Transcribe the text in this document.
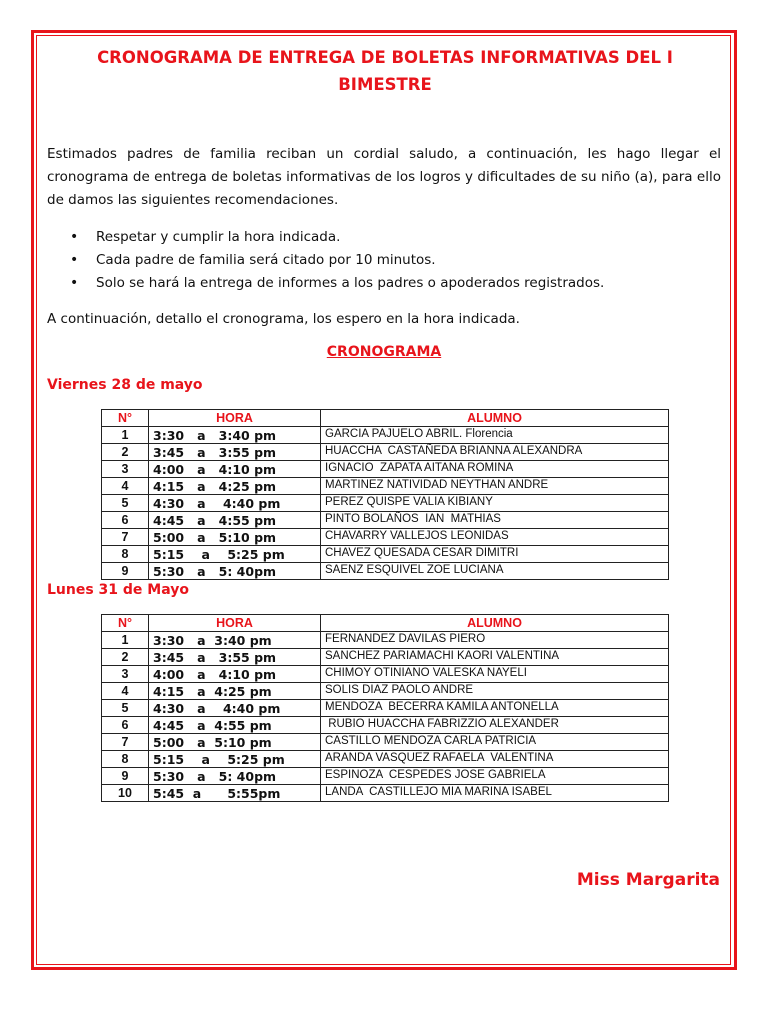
CRONOGRAMA DE ENTREGA DE BOLETAS INFORMATIVAS DEL I BIMESTRE
Estimados padres de familia reciban un cordial saludo, a continuación, les hago llegar el cronograma de entrega de boletas informativas de los logros y dificultades de su niño (a), para ello de damos las siguientes recomendaciones.
• Respetar y cumplir la hora indicada.
• Cada padre de familia será citado por 10 minutos.
• Solo se hará la entrega de informes a los padres o apoderados registrados.
A continuación, detallo el cronograma, los espero en la hora indicada.
CRONOGRAMA
Viernes 28 de mayo
N°	HORA	ALUMNO
1	3:30   a   3:40 pm	GARCIA PAJUELO ABRIL. Florencia
2	3:45   a   3:55 pm	HUACCHA  CASTAÑEDA BRIANNA ALEXANDRA
3	4:00   a   4:10 pm	IGNACIO  ZAPATA AITANA ROMINA
4	4:15   a   4:25 pm	MARTINEZ NATIVIDAD NEYTHAN ANDRE
5	4:30   a    4:40 pm	PEREZ QUISPE VALIA KIBIANY
6	4:45   a   4:55 pm	PINTO BOLAÑOS  IAN  MATHIAS
7	5:00   a   5:10 pm	CHAVARRY VALLEJOS LEONIDAS
8	5:15    a    5:25 pm	CHAVEZ QUESADA CESAR DIMITRI
9	5:30   a   5: 40pm	SAENZ ESQUIVEL ZOE LUCIANA
Lunes 31 de Mayo
N°	HORA	ALUMNO
1	3:30   a  3:40 pm	FERNANDEZ DAVILAS PIERO
2	3:45   a   3:55 pm	SANCHEZ PARIAMACHI KAORI VALENTINA
3	4:00   a   4:10 pm	CHIMOY OTINIANO VALESKA NAYELI
4	4:15   a  4:25 pm	SOLIS DIAZ PAOLO ANDRE
5	4:30   a    4:40 pm	MENDOZA  BECERRA KAMILA ANTONELLA
6	4:45   a  4:55 pm	RUBIO HUACCHA FABRIZZIO ALEXANDER
7	5:00   a  5:10 pm	CASTILLO MENDOZA CARLA PATRICIA
8	5:15    a    5:25 pm	ARANDA VASQUEZ RAFAELA  VALENTINA
9	5:30   a   5: 40pm	ESPINOZA  CESPEDES JOSE GABRIELA
10	5:45  a      5:55pm	LANDA  CASTILLEJO MIA MARINA ISABEL
Miss Margarita
